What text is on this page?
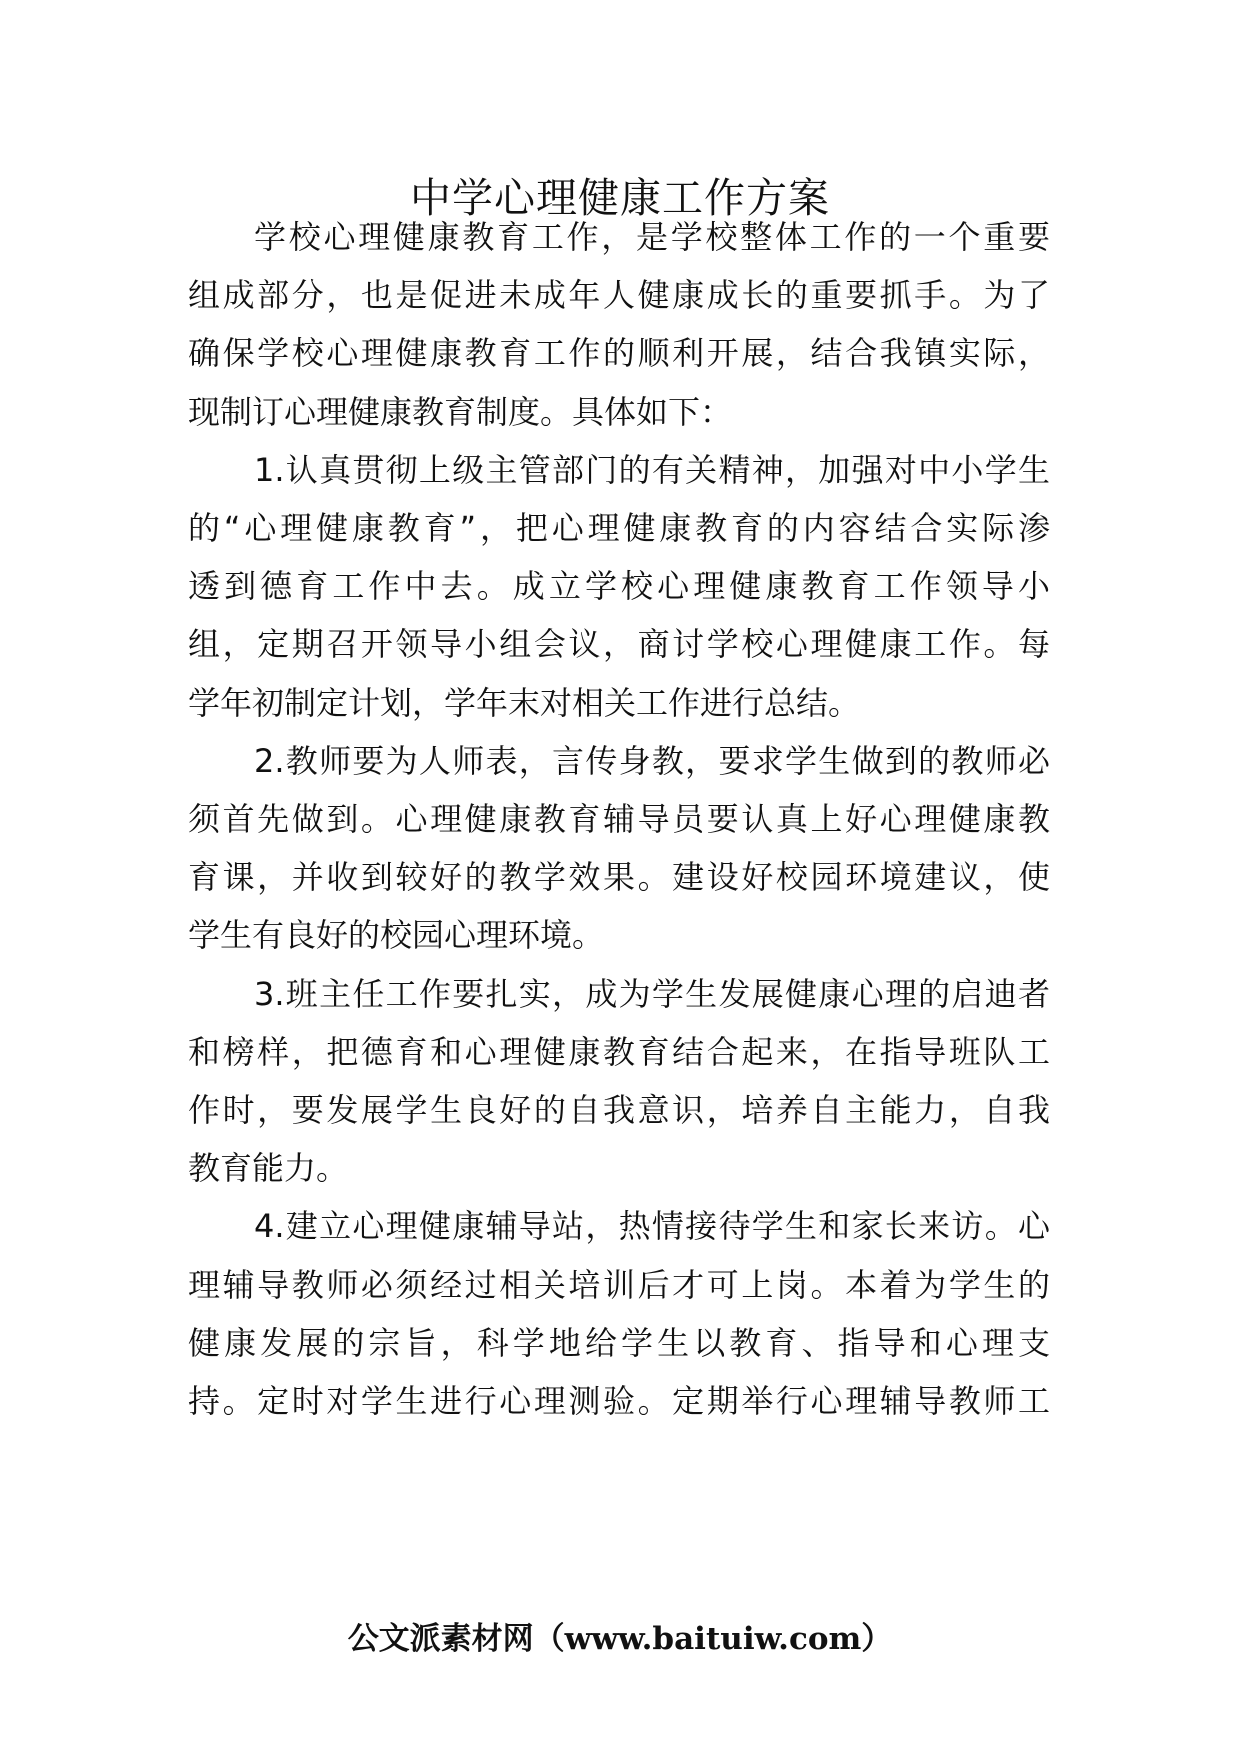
中学心理健康工作方案
学校心理健康教育工作，是学校整体工作的一个重要
组成部分，也是促进未成年人健康成长的重要抓手。为了
确保学校心理健康教育工作的顺利开展，结合我镇实际，
现制订心理健康教育制度。具体如下：
1.认真贯彻上级主管部门的有关精神，加强对中小学生
的“心理健康教育”，把心理健康教育的内容结合实际渗
透到德育工作中去。成立学校心理健康教育工作领导小
组，定期召开领导小组会议，商讨学校心理健康工作。每
学年初制定计划，学年末对相关工作进行总结。
2.教师要为人师表，言传身教，要求学生做到的教师必
须首先做到。心理健康教育辅导员要认真上好心理健康教
育课，并收到较好的教学效果。建设好校园环境建议，使
学生有良好的校园心理环境。
3.班主任工作要扎实，成为学生发展健康心理的启迪者
和榜样，把德育和心理健康教育结合起来，在指导班队工
作时，要发展学生良好的自我意识，培养自主能力，自我
教育能力。
4.建立心理健康辅导站，热情接待学生和家长来访。心
理辅导教师必须经过相关培训后才可上岗。本着为学生的
健康发展的宗旨，科学地给学生以教育、指导和心理支
持。定时对学生进行心理测验。定期举行心理辅导教师工
公文派素材网（www.baituiw.com）
